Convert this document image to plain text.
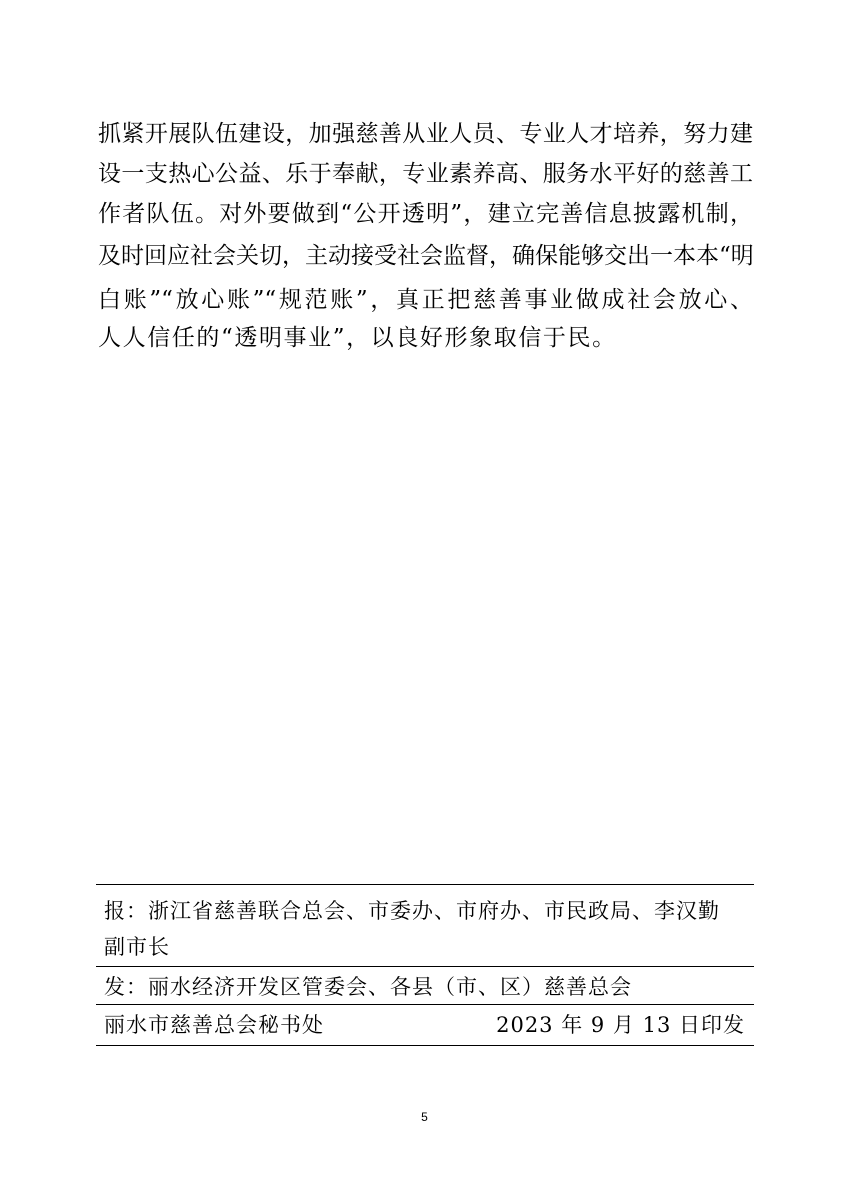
抓紧开展队伍建设，加强慈善从业人员、专业人才培养，努力建
设一支热心公益、乐于奉献，专业素养高、服务水平好的慈善工
作者队伍。对外要做到“公开透明”，建立完善信息披露机制，
及时回应社会关切，主动接受社会监督，确保能够交出一本本“明
白账”“放心账”“规范账”，真正把慈善事业做成社会放心、
人人信任的“透明事业”，以良好形象取信于民。
报：浙江省慈善联合总会、市委办、市府办、市民政局、李汉勤
副市长
发：丽水经济开发区管委会、各县（市、区）慈善总会
丽水市慈善总会秘书处	2023 年 9 月 13 日印发
5
